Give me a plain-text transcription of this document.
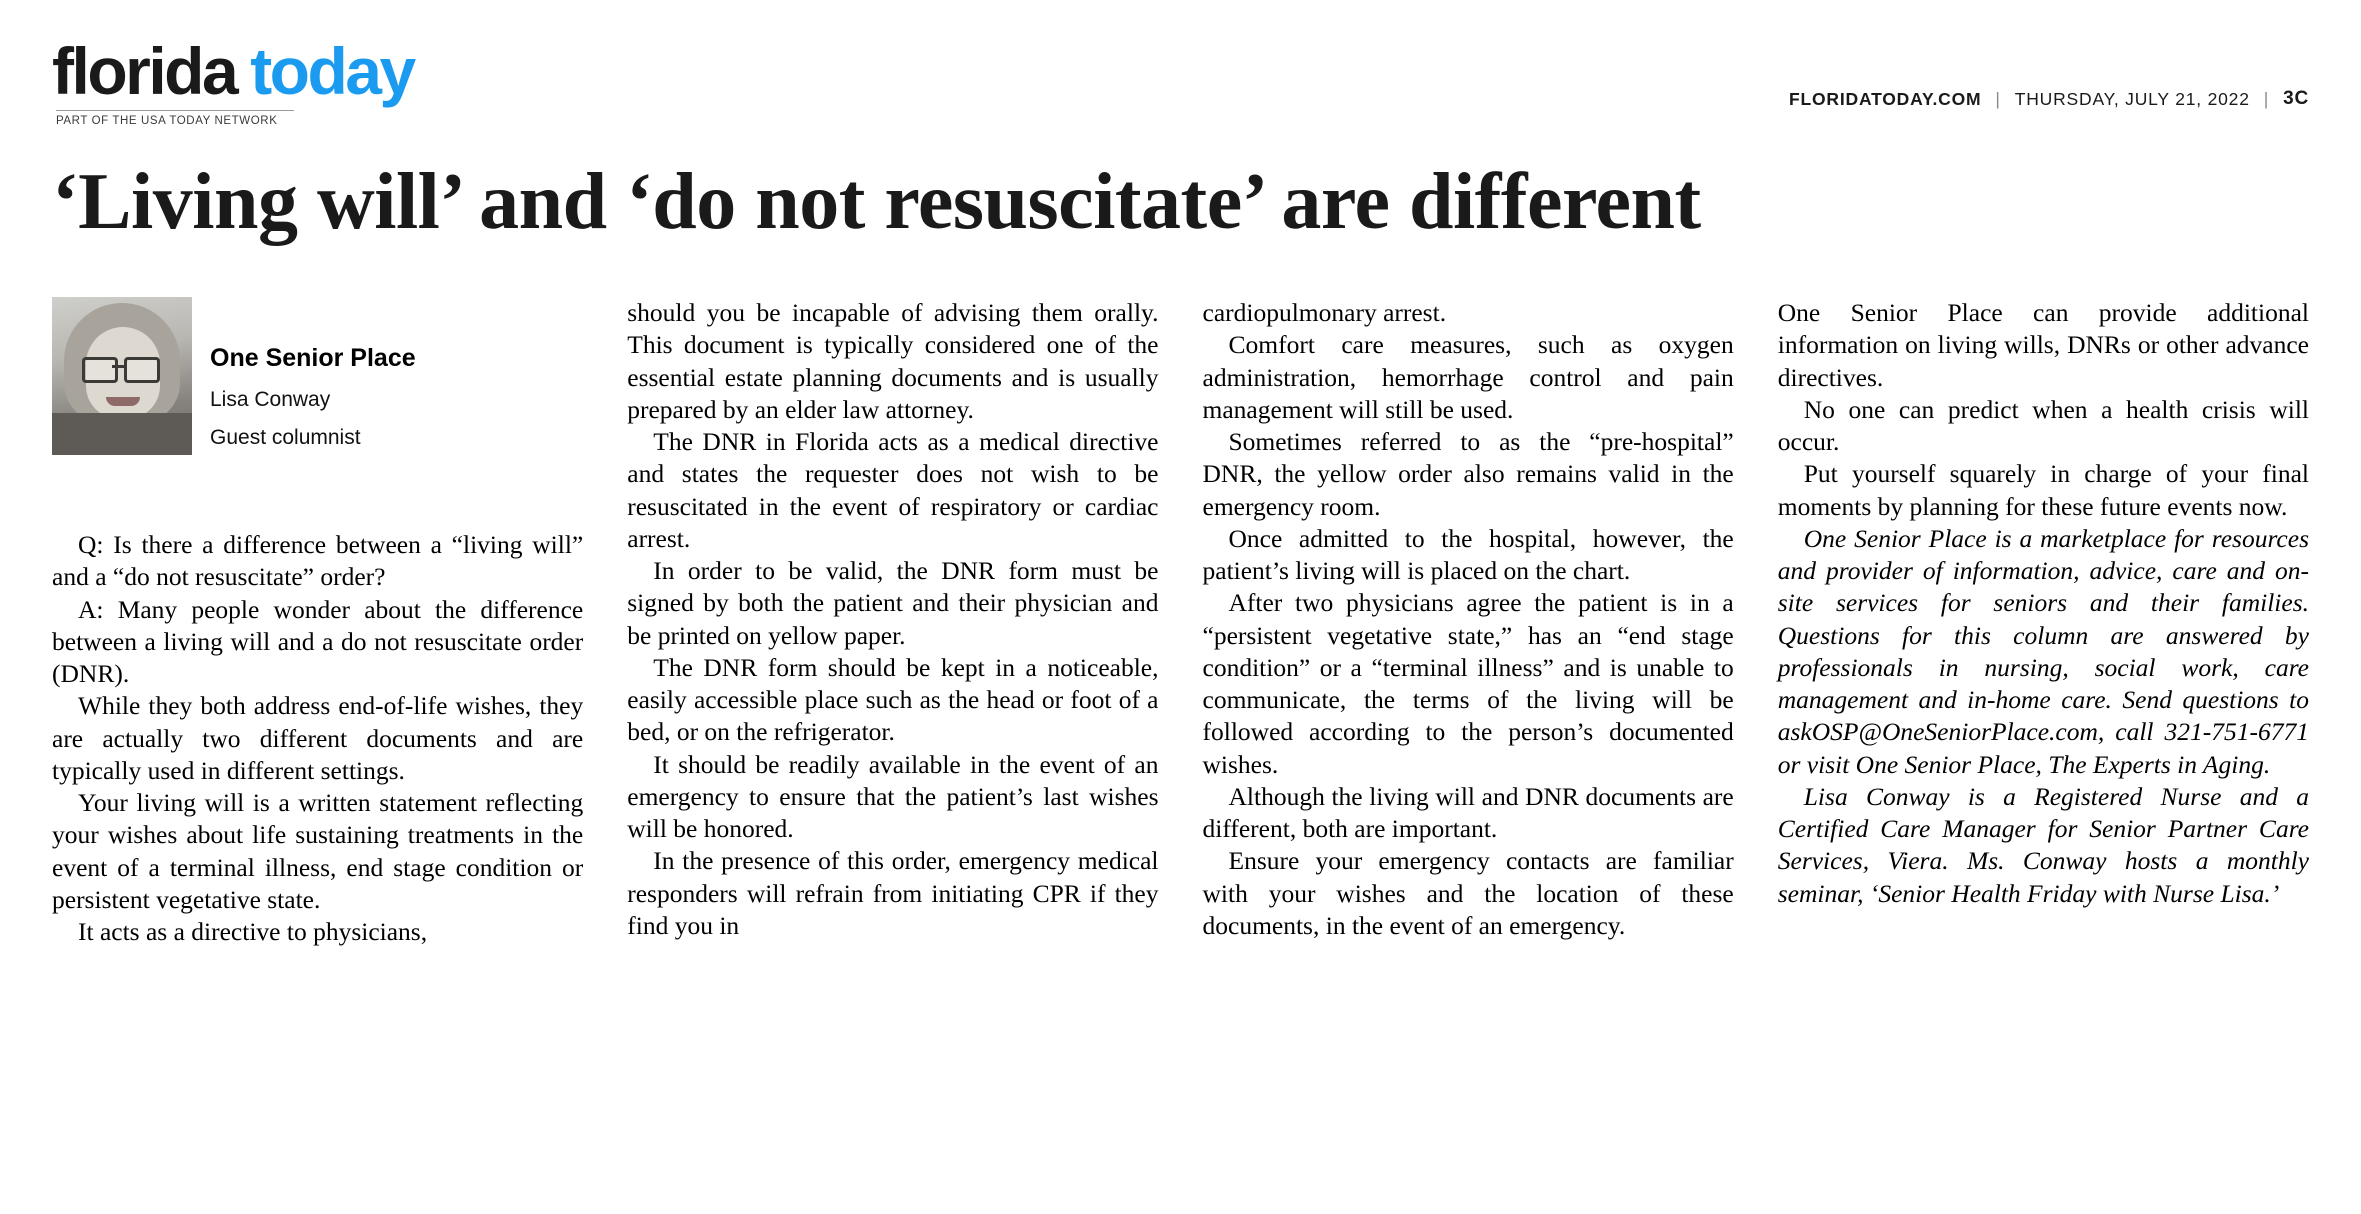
florida today
PART OF THE USA TODAY NETWORK
FLORIDATODAY.COM | THURSDAY, JULY 21, 2022 | 3C
‘Living will’ and ‘do not resuscitate’ are different
One Senior Place
Lisa Conway
Guest columnist

Q: Is there a difference between a “living will” and a “do not resuscitate” order?

A: Many people wonder about the difference between a living will and a do not resuscitate order (DNR).

While they both address end-of-life wishes, they are actually two different documents and are typically used in different settings.

Your living will is a written statement reflecting your wishes about life sustaining treatments in the event of a terminal illness, end stage condition or persistent vegetative state.

It acts as a directive to physicians,

should you be incapable of advising them orally. This document is typically considered one of the essential estate planning documents and is usually prepared by an elder law attorney.

The DNR in Florida acts as a medical directive and states the requester does not wish to be resuscitated in the event of respiratory or cardiac arrest.

In order to be valid, the DNR form must be signed by both the patient and their physician and be printed on yellow paper.

The DNR form should be kept in a noticeable, easily accessible place such as the head or foot of a bed, or on the refrigerator.

It should be readily available in the event of an emergency to ensure that the patient’s last wishes will be honored.

In the presence of this order, emergency medical responders will refrain from initiating CPR if they find you in

cardiopulmonary arrest.

Comfort care measures, such as oxygen administration, hemorrhage control and pain management will still be used.

Sometimes referred to as the “pre-hospital” DNR, the yellow order also remains valid in the emergency room.

Once admitted to the hospital, however, the patient’s living will is placed on the chart.

After two physicians agree the patient is in a “persistent vegetative state,” has an “end stage condition” or a “terminal illness” and is unable to communicate, the terms of the living will be followed according to the person’s documented wishes.

Although the living will and DNR documents are different, both are important.

Ensure your emergency contacts are familiar with your wishes and the location of these documents, in the event of an emergency.

One Senior Place can provide additional information on living wills, DNRs or other advance directives.

No one can predict when a health crisis will occur.

Put yourself squarely in charge of your final moments by planning for these future events now.

One Senior Place is a marketplace for resources and provider of information, advice, care and on-site services for seniors and their families. Questions for this column are answered by professionals in nursing, social work, care management and in-home care. Send questions to askOSP@OneSeniorPlace.com, call 321-751-6771 or visit One Senior Place, The Experts in Aging.

Lisa Conway is a Registered Nurse and a Certified Care Manager for Senior Partner Care Services, Viera. Ms. Conway hosts a monthly seminar, ‘Senior Health Friday with Nurse Lisa.’
